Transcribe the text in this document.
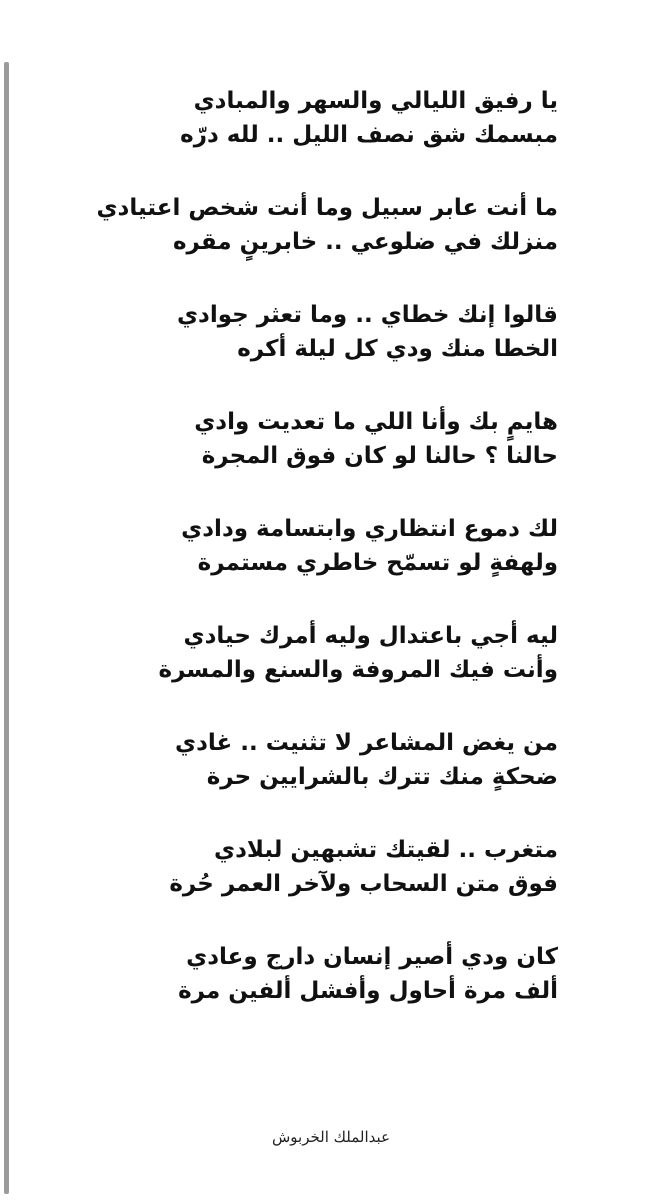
يا رفيق الليالي والسهر والمبادي
مبسمك شق نصف الليل .. لله درّه
ما أنت عابر سبيل وما أنت شخص اعتيادي
منزلك في ضلوعي .. خابرينٍ مقره
قالوا إنك خطاي .. وما تعثر جوادي
الخطا منك ودي كل ليلة أكره
هايمٍ بك وأنا اللي ما تعديت وادي
حالنا ؟ حالنا لو كان فوق المجرة
لك دموع انتظاري وابتسامة ودادي
ولهفةٍ لو تسمّح خاطري مستمرة
ليه أجي باعتدال وليه أمرك حيادي
وأنت فيك المروفة والسنع والمسرة
من يغض المشاعر لا تثنيت .. غادي
ضحكةٍ منك تترك بالشرايين حرة
متغرب .. لقيتك تشبهين لبلادي
فوق متن السحاب ولآخر العمر حُرة
كان ودي أصير إنسان دارج وعادي
ألف مرة أحاول وأفشل ألفين مرة
عبدالملك الخربوش
